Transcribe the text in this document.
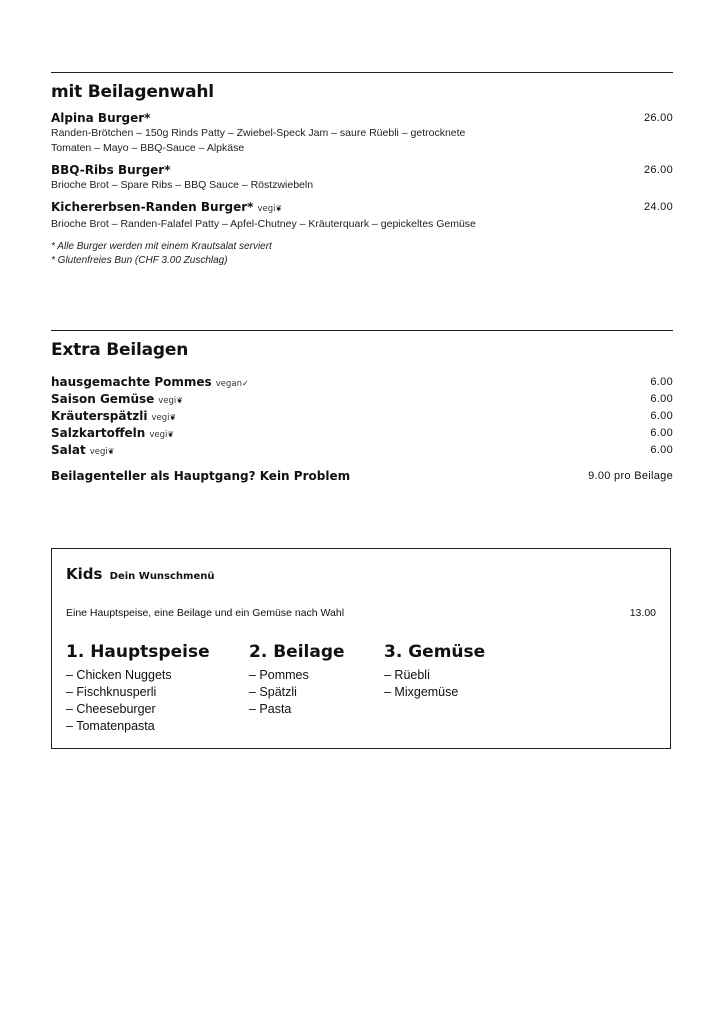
mit Beilagenwahl
Alpina Burger*	26.00
Randen-Brötchen – 150g Rinds Patty – Zwiebel-Speck Jam – saure Rüebli – getrocknete Tomaten – Mayo – BBQ-Sauce – Alpkäse
BBQ-Ribs Burger*	26.00
Brioche Brot – Spare Ribs – BBQ Sauce – Röstzwiebeln
Kichererbsen-Randen Burger* vegi❦	24.00
Brioche Brot – Randen-Falafel Patty – Apfel-Chutney – Kräuterquark – gepickeltes Gemüse
* Alle Burger werden mit einem Krautsalat serviert
* Glutenfreies Bun (CHF 3.00 Zuschlag)
Extra Beilagen
hausgemachte Pommes vegan✓	6.00
Saison Gemüse vegi❦	6.00
Kräuterspätzli vegi❦	6.00
Salzkartoffeln vegi❦	6.00
Salat vegi❦	6.00
Beilagenteller als Hauptgang? Kein Problem	9.00 pro Beilage
Kids Dein Wunschmenü
Eine Hauptspeise, eine Beilage und ein Gemüse nach Wahl	13.00
1. Hauptspeise
– Chicken Nuggets
– Fischknusperli
– Cheeseburger
– Tomatenpasta
2. Beilage
– Pommes
– Spätzli
– Pasta
3. Gemüse
– Rüebli
– Mixgemüse
